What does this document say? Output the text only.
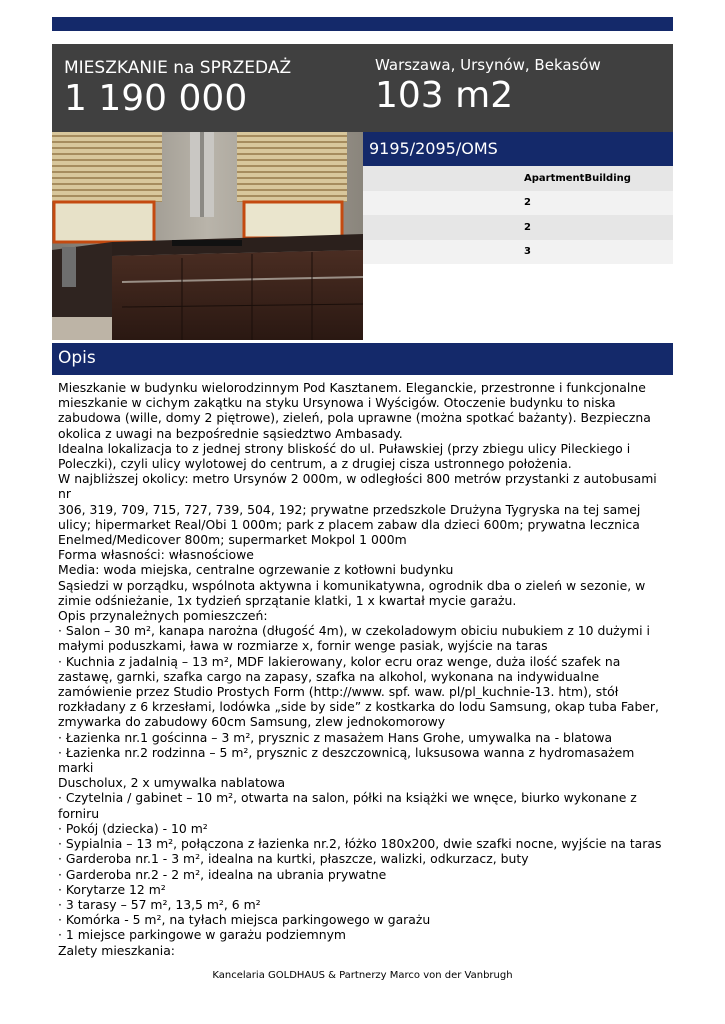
MIESZKANIE na SPRZEDAŻ
1 190 000
Warszawa, Ursynów, Bekasów
103 m2
9195/2095/OMS
ApartmentBuilding
2
2
3
Opis

Mieszkanie w budynku wielorodzinnym Pod Kasztanem. Eleganckie, przestronne i funkcjonalne

mieszkanie w cichym zakątku na styku Ursynowa i Wyścigów. Otoczenie budynku to niska

zabudowa (wille, domy 2 piętrowe), zieleń, pola uprawne (można spotkać bażanty). Bezpieczna

okolica z uwagi na bezpośrednie sąsiedztwo Ambasady.

Idealna lokalizacja to z jednej strony bliskość do ul. Puławskiej (przy zbiegu ulicy Pileckiego i

Poleczki), czyli ulicy wylotowej do centrum, a z drugiej cisza ustronnego położenia.

W najbliższej okolicy: metro Ursynów 2 000m, w odległości 800 metrów przystanki z autobusami nr

306, 319, 709, 715, 727, 739, 504, 192; prywatne przedszkole Drużyna Tygryska na tej samej

ulicy; hipermarket Real/Obi 1 000m; park z placem zabaw dla dzieci 600m; prywatna lecznica

Enelmed/Medicover 800m; supermarket Mokpol 1 000m

Forma własności: własnościowe

Media: woda miejska, centralne ogrzewanie z kotłowni budynku

Sąsiedzi w porządku, wspólnota aktywna i komunikatywna, ogrodnik dba o zieleń w sezonie, w

zimie odśnieżanie, 1x tydzień sprzątanie klatki, 1 x kwartał mycie garażu.

Opis przynależnych pomieszczeń:

· Salon – 30 m², kanapa narożna (długość 4m), w czekoladowym obiciu nubukiem z 10 dużymi i

małymi poduszkami, ława w rozmiarze x, fornir wenge pasiak, wyjście na taras

· Kuchnia z jadalnią – 13 m², MDF lakierowany, kolor ecru oraz wenge, duża ilość szafek na

zastawę, garnki, szafka cargo na zapasy, szafka na alkohol, wykonana na indywidualne

zamówienie przez Studio Prostych Form (http://www. spf. waw. pl/pl_kuchnie-13. htm), stół

rozkładany z 6 krzesłami, lodówka „side by side” z kostkarka do lodu Samsung, okap tuba Faber,

zmywarka do zabudowy 60cm Samsung, zlew jednokomorowy

· Łazienka nr.1 gościnna – 3 m², prysznic z masażem Hans Grohe, umywalka na - blatowa

· Łazienka nr.2 rodzinna – 5 m², prysznic z deszczownicą, luksusowa wanna z hydromasażem marki

Duscholux, 2 x umywalka nablatowa

· Czytelnia / gabinet – 10 m², otwarta na salon, półki na książki we wnęce, biurko wykonane z

forniru

· Pokój (dziecka) - 10 m²

· Sypialnia – 13 m², połączona z łazienka nr.2, łóżko 180x200, dwie szafki nocne, wyjście na taras

· Garderoba nr.1 - 3 m², idealna na kurtki, płaszcze, walizki, odkurzacz, buty

· Garderoba nr.2 - 2 m², idealna na ubrania prywatne

· Korytarze 12 m²

· 3 tarasy – 57 m², 13,5 m², 6 m²

· Komórka - 5 m², na tyłach miejsca parkingowego w garażu

· 1 miejsce parkingowe w garażu podziemnym

Zalety mieszkania:

Kancelaria GOLDHAUS & Partnerzy Marco von der Vanbrugh
